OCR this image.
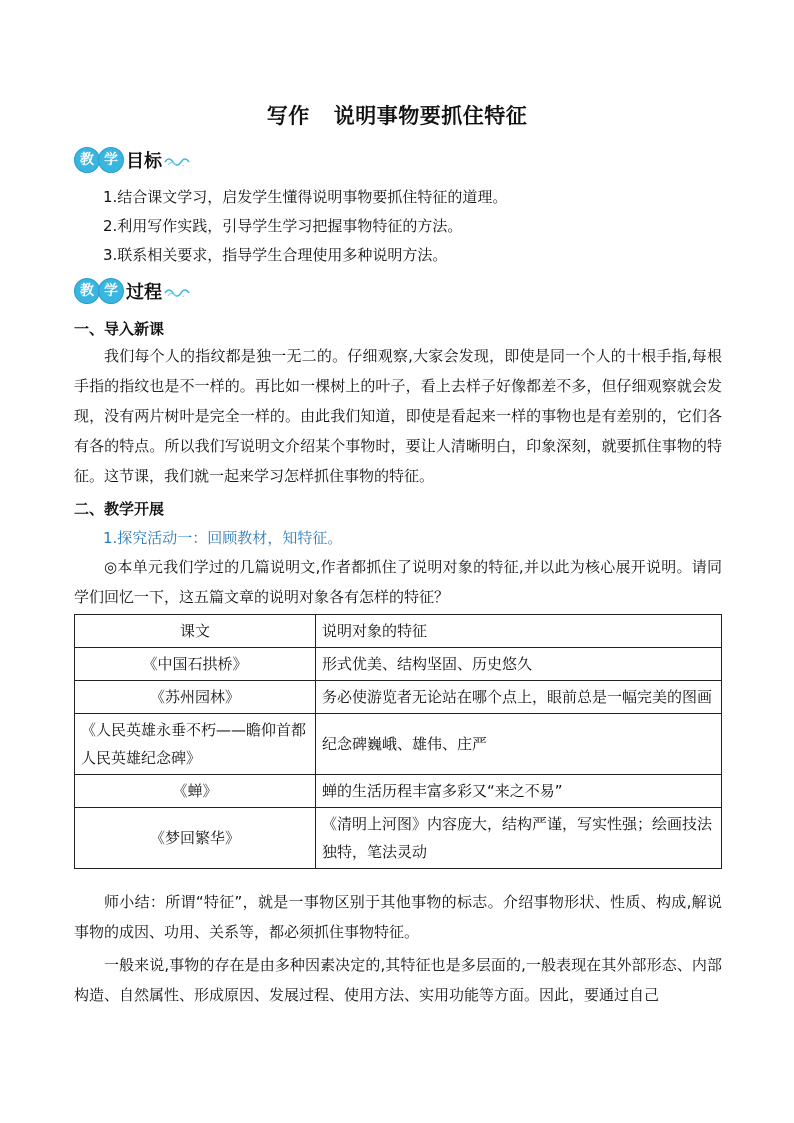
写作 说明事物要抓住特征
教 学 目标
1.结合课文学习，启发学生懂得说明事物要抓住特征的道理。
2.利用写作实践，引导学生学习把握事物特征的方法。
3.联系相关要求，指导学生合理使用多种说明方法。
教 学 过程
一、导入新课
我们每个人的指纹都是独一无二的。仔细观察,大家会发现，即使是同一个人的十根手指,每根手指的指纹也是不一样的。再比如一棵树上的叶子，看上去样子好像都差不多，但仔细观察就会发现，没有两片树叶是完全一样的。由此我们知道，即使是看起来一样的事物也是有差别的，它们各有各的特点。所以我们写说明文介绍某个事物时，要让人清晰明白，印象深刻，就要抓住事物的特征。这节课，我们就一起来学习怎样抓住事物的特征。
二、教学开展
1.探究活动一：回顾教材，知特征。
◎本单元我们学过的几篇说明文,作者都抓住了说明对象的特征,并以此为核心展开说明。请同学们回忆一下，这五篇文章的说明对象各有怎样的特征？
课文	说明对象的特征
《中国石拱桥》	形式优美、结构坚固、历史悠久
《苏州园林》	务必使游览者无论站在哪个点上，眼前总是一幅完美的图画
《人民英雄永垂不朽——瞻仰首都人民英雄纪念碑》	纪念碑巍峨、雄伟、庄严
《蝉》	蝉的生活历程丰富多彩又“来之不易”
《梦回繁华》	《清明上河图》内容庞大，结构严谨，写实性强；绘画技法独特，笔法灵动
师小结：所谓“特征”，就是一事物区别于其他事物的标志。介绍事物形状、性质、构成,解说事物的成因、功用、关系等，都必须抓住事物特征。
一般来说,事物的存在是由多种因素决定的,其特征也是多层面的,一般表现在其外部形态、内部构造、自然属性、形成原因、发展过程、使用方法、实用功能等方面。因此，要通过自己
